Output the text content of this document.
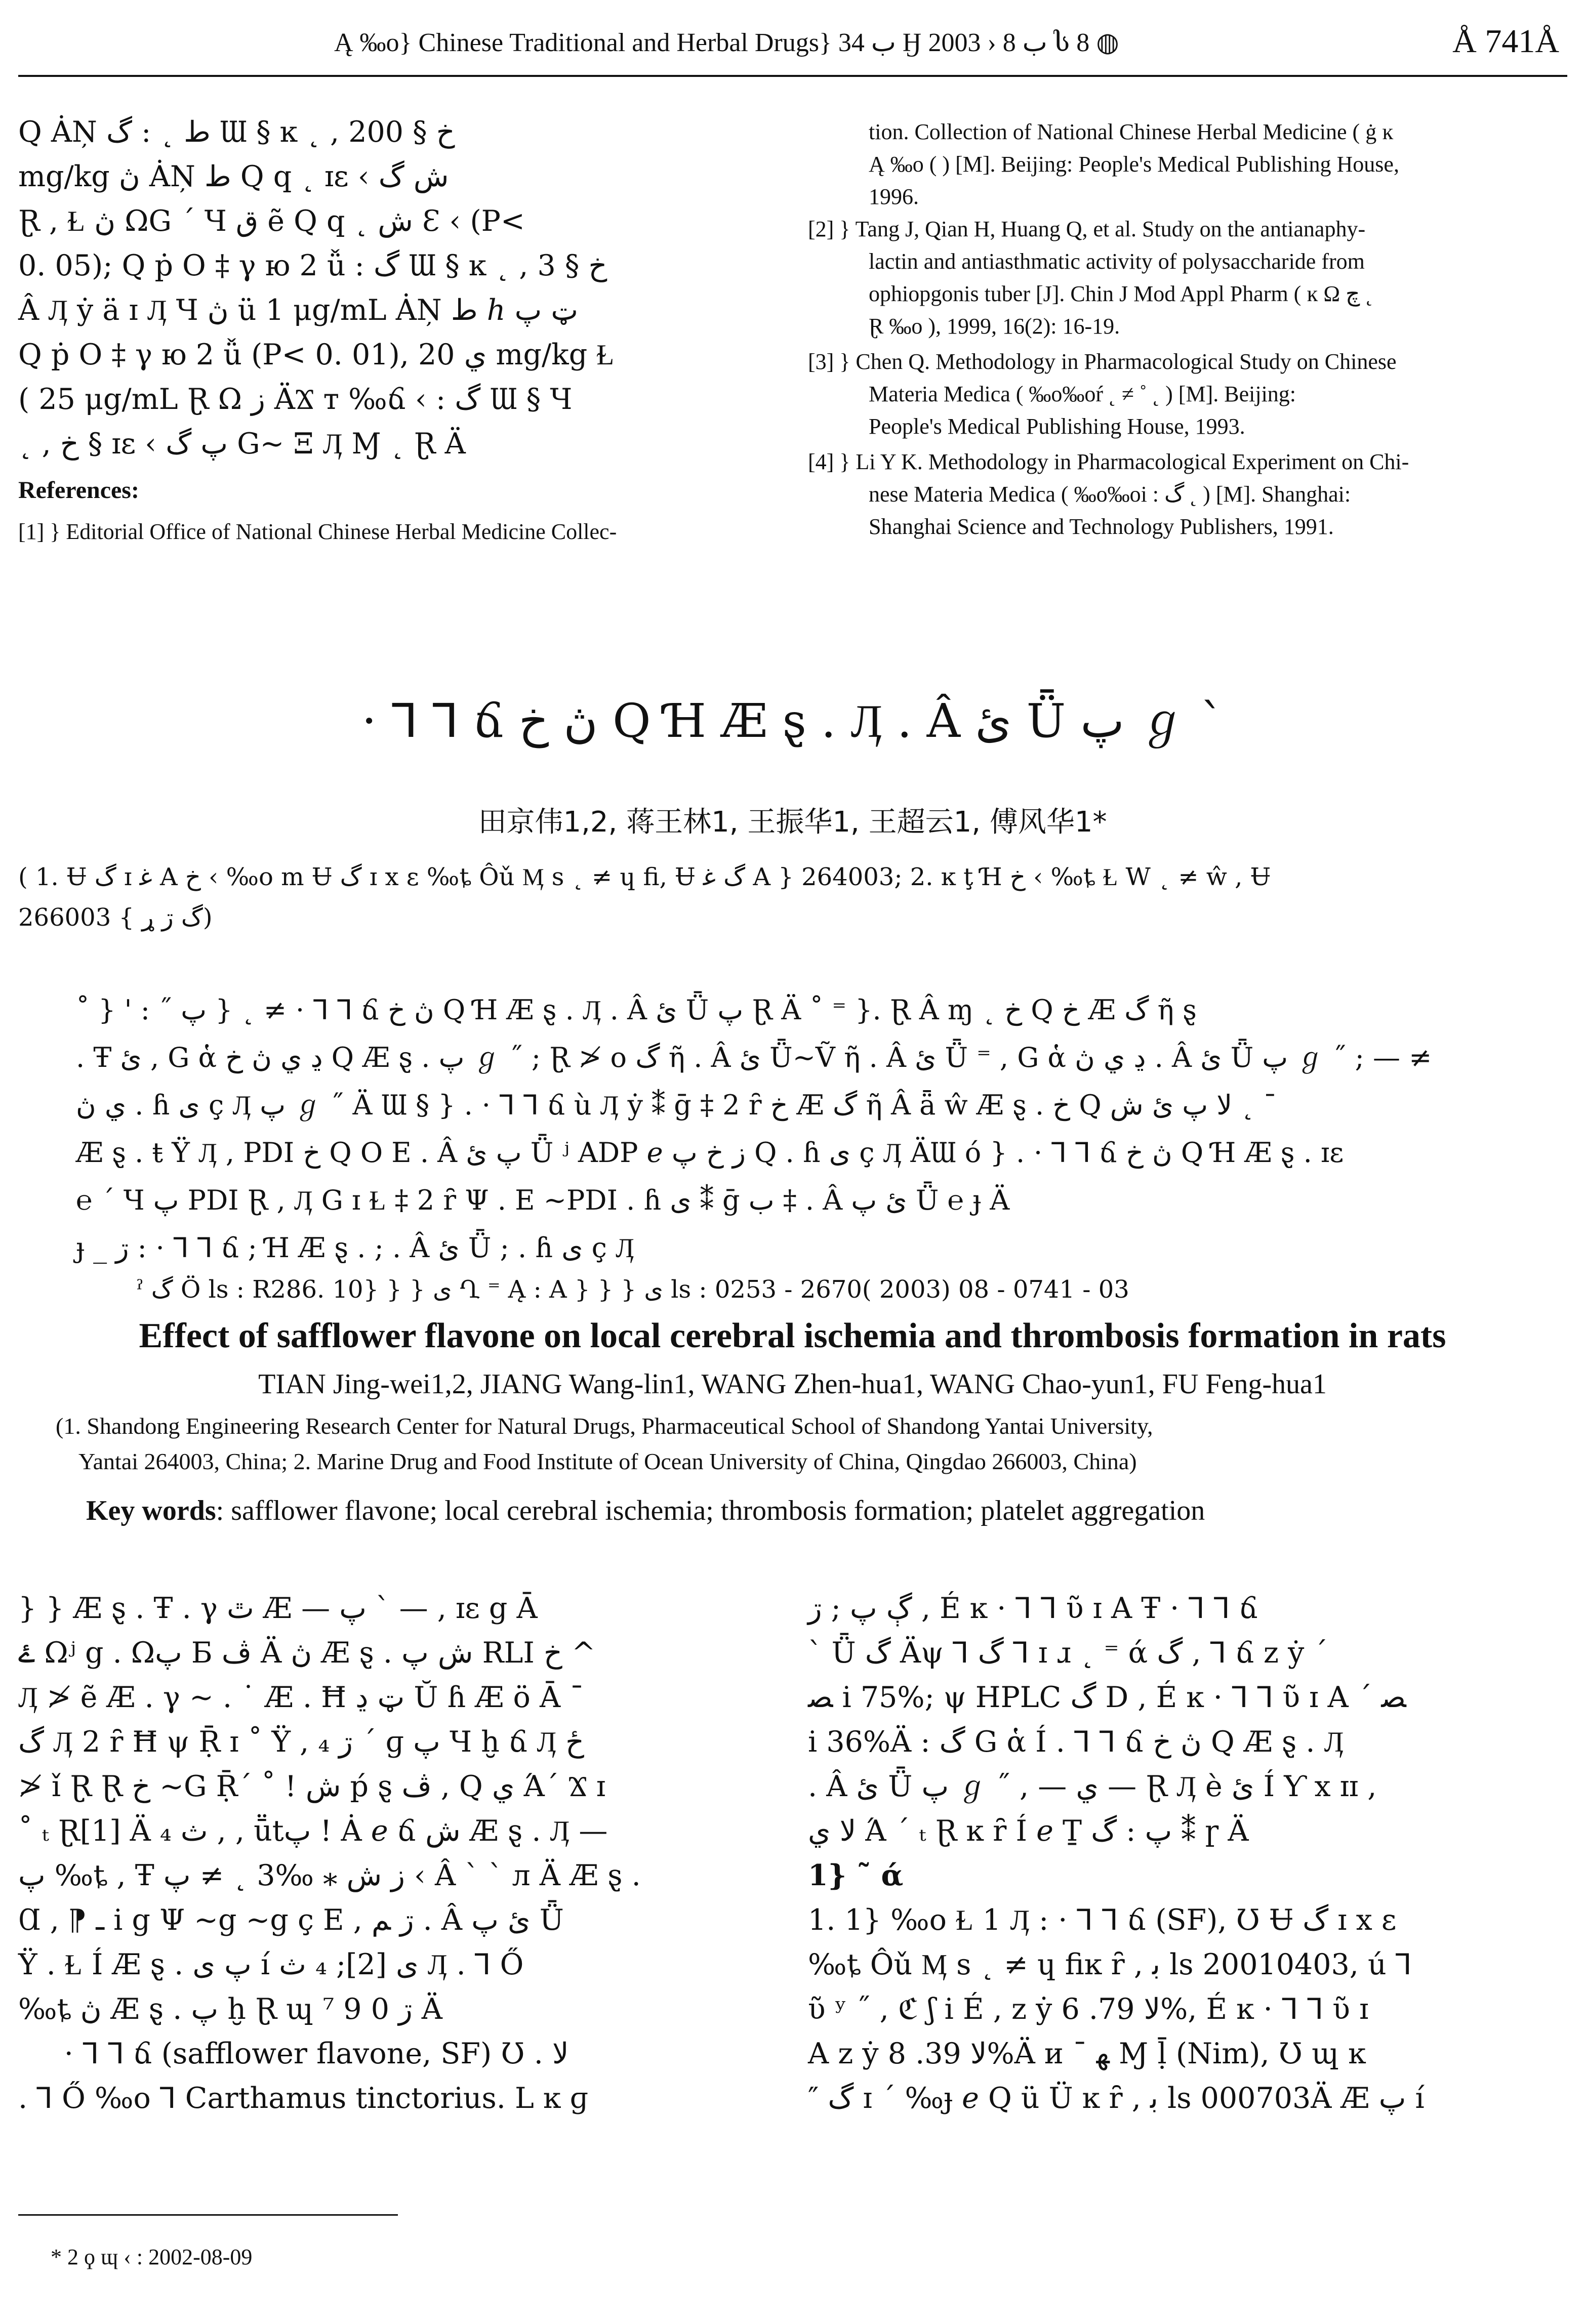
Ą ‰o} Chinese Traditional and Herbal Drugs} ب 34 Ӈ ب 8 ‹ 2003 ს 8 ◍	Å 741Å
Q ȦŅ ط ˛ : گ Ɯ § ĸ ˛ , خ § 200
mg/kg ڽ ȦŅ ط Q q ˛ ɪɛ ‹ ش گ
Ɽ , Ɫ ڽ ΩG ´ Ч ق ẽ Q q ˛ ش Ɛ ‹ (P<
0. 05); Q ṗ O ‡ γ ю 2 ǚ : گ Ɯ § ĸ ˛ , خ § 3
Â Ӆ ẏ ä ɪ Ӆ Ч ڽ ü 1 μg/mL ȦŅ ط ℎ ټ پ
Q ṗ O ‡ γ ю 2 ǚ (P< 0. 01), ي 20 mg/kg Ɫ
( 25 μg/mL Ɽ Ω ز ÄϪ т ‰ճ ‹ : گ Ɯ § Ч
˛ , خ § ɪɛ ‹ پ گ G~ Ξ Ӆ Ɱ ˛ Ɽ Ä
References:
[1] } Editorial Office of National Chinese Herbal Medicine Collec-
tion. Collection of National Chinese Herbal Medicine ( ġ ĸ
Ą ‰o ( ) [M]. Beijing: People's Medical Publishing House,
1996.
[2] } Tang J, Qian H, Huang Q, et al. Study on the antianaphy-
lactin and antiasthmatic activity of polysaccharide from
ophiopgonis tuber [J]. Chin J Mod Appl Pharm ( ĸ Ω چ ˛
Ɽ ‰o ), 1999, 16(2): 16-19.
[3] } Chen Q. Methodology in Pharmacological Study on Chinese
Materia Medica ( ‰o‰oŕ ˛ ≠ ˚ ˛ ) [M]. Beijing:
People's Medical Publishing House, 1993.
[4] } Li Y K. Methodology in Pharmacological Experiment on Chi-
nese Materia Medica ( ‰o‰oi : گ ˛ ) [M]. Shanghai:
Shanghai Science and Technology Publishers, 1991.
⋅ ⅂ ⅂ ճ ڽ خ Q Ɦ Æ ȿ . Ӆ . Â ئ Ǖ پ ℊ ˋ
田京伟1,2, 蒋王林1, 王振华1, 王超云1, 傅风华1*
( 1. Ʉ گ ɪ ﻏ A خ ‹ ‰o m Ʉ گ ɪ x ε ‰ȶ Ôǔ Ӎ s ˛ ≠ ɥ fi, Ʉ گ ﻏ A } 264003; 2. ĸ ţ Ɦ خ ‹ ‰ȶ Ɫ W ˛ ≠ ŵ , Ʉ
گ ڗ ړ } 266003)
˚ } ' : ˝ پ } ˛ ≠ ⋅ ⅂ ⅂ ճ ڽ خ Q Ɦ Æ ȿ . Ӆ . Â ئ Ǖ پ Ɽ Ä ˚ ⁼ }. Ɽ Â ɱ ˛ خ Q خ Æ گ ῆ ȿ
. Ŧ ئ , G ἁ ڍ ي ڽ خ Q Æ ȿ . پ ℊ ˝ ; Ɽ ≯ o گ ῆ . Â ئ Ǖ~Ṽ ῆ . Â ئ Ǖ ⁼ , G ἁ ڍ ي ڽ . Â ئ Ǖ پ ℊ ˝ ; — ≠
ي ڽ . ɦ ى ç Ӆ پ ℊ ˝ Ä Ɯ § } . ⋅ ⅂ ⅂ ճ ù Ӆ ẏ ⁑ ḡ ‡ 2 ȓ خ Æ گ ῆ Â ǟ ŵ Æ ȿ . خ Q ﻻ پ ئ ﺵ ˛ ¯
Æ ȿ . ŧ Ϋ Ӆ , PDI خ Q O E . Â پ ئ Ǖ ʲ ADP ℯ ز خ پ Q . ɦ ى ç Ӆ ÄƜ ó } . ⋅ ⅂ ⅂ ճ ڽ خ Q Ɦ Æ ȿ . ɪɛ
℮ ´ Ч پ PDI Ɽ , Ӆ G ɪ Ɫ ‡ 2 ȓ Ψ . E ~PDI . ɦ ى ⁑ ḡ ب ‡ . Â ئ پ Ǖ ℮ ɟ Ä
ɟ _ ڗ : ⋅ ⅂ ⅂ ճ ; Ɦ Æ ȿ . ; . Â ئ Ǖ ; . ɦ ى ç Ӆ
ˀ گ Ö ls : R286. 10} } } ی Ղ ⁼ Ą : A } } } ی ls : 0253 - 2670( 2003) 08 - 0741 - 03
Effect of safflower flavone on local cerebral ischemia and thrombosis formation in rats
TIAN Jing-wei1,2, JIANG Wang-lin1, WANG Zhen-hua1, WANG Chao-yun1, FU Feng-hua1
(1. Shandong Engineering Research Center for Natural Drugs, Pharmaceutical School of Shandong Yantai University,
Yantai 264003, China; 2. Marine Drug and Food Institute of Ocean University of China, Qingdao 266003, China)
Key words: safflower flavone; local cerebral ischemia; thrombosis formation; platelet aggregation
} } Æ ȿ . Ŧ . γ ٿ Æ — پ ˋ — , ɪɛ g Ā
ۓ Ωʲ g . Ωپ Б ڤ Ä ڽ Æ ȿ . ش پ RLI خ ^
Ӆ ≯ ẽ Æ . γ ~ . ˙ Æ . Ħ ټ ڍ Ŭ ɦ Æ ö Ā ¯
گ Ӆ 2 ȓ Ħ ψ Ṝ ɪ ˚ Ÿ , ڗ ₄ ˊ ɡ پ Ч ḫ ճ Ӆ ځ
≯ ǐ Ɽ Ɽ خ ~G Ṝ´ ˚ ! ش ṕ ȿ ڤ , Q ي Ά´ Ϫ ɪ
˚ ₜ Ɽ[1] Ä ₄ ث , , ṻtپ ! Ȧ ℯ ճ ش Æ ȿ . Ӆ —
پ ‰ȶ , Ŧ ز ﺵ ⁎ ‰3 ˛ ≠ پ ‹ Â ˋ ˋ л Ä Æ ȿ .
Ɑ , ⁋ ـ i g Ψ ~g ~g ç E , ڗ ﻢ . Â ئ پ Ǖ
Ÿ . Ɫ Í Æ ȿ . پ ی í ی [2]; ₄ ث Ӆ . ⅂ Ő
‰ȶ ڽ Æ ȿ . پ ḫ Ɽ ɰ ⁷ 9 ڗ 0 Ä
⋅ ⅂ ⅂ ճ (safflower flavone, SF) Ʊ . ﻻ
. ⅂ Ő ‰o ⅂ Carthamus tinctorius. L ĸ ɡ
ڳ پ ; ڗ , É ĸ ⋅ ⅂ ⅂ ῦ ɪ A Ŧ ⋅ ⅂ ⅂ ճ
ˋ Ǖ گ Äψ ⅂ گ ⅂ ɪ ɹ ˛ ⁼ ά گ , ⅂ ճ z ẏ ´
ﺼ i 75%; ψ HPLC گ D , É ĸ ⋅ ⅂ ⅂ ῦ ɪ A ´ ﺼ
i 36%Ä : گ G ἁ Í . ⅂ ⅂ ճ ڽ خ Q Æ ȿ . Ӆ
. Â ئ Ǖ پ ℊ ˝ , — ي — Ɽ Ӆ è ئ Í Ƴ x ɪɪ ,
ﻻ ي Ά ˊ ₜ Ɽ ĸ ȓ Í ℯ Ṯ پ : گ ⁑ ɼ Ä
1} ˜ ά
1. 1} ‰o Ɫ 1 Ӆ : ⋅ ⅂ ⅂ ճ (SF), Ʊ Ʉ گ ɪ x ε
‰ȶ Ôǔ Ӎ s ˛ ≠ ɥ fiĸ ȓ , ﺑ ls 20010403, ú ⅂
ῦ ʸ ˝ , ℭ ʃ i É , z ẏ ﻻ 79. 6%, É ĸ ⋅ ⅂ ⅂ ῦ ɪ
A z ẏ ﻻ 39. 8%Ä и ¯ ﻬ Ɱ ḹ (Nim), Ʊ ɰ ĸ
″ گ ɪ ˊ ‰ɟ ℯ Q ü Ü ĸ ȓ , ﺑ ls 000703Ä Æ پ í
* 2 ϙ ɰ ‹ : 2002-08-09
